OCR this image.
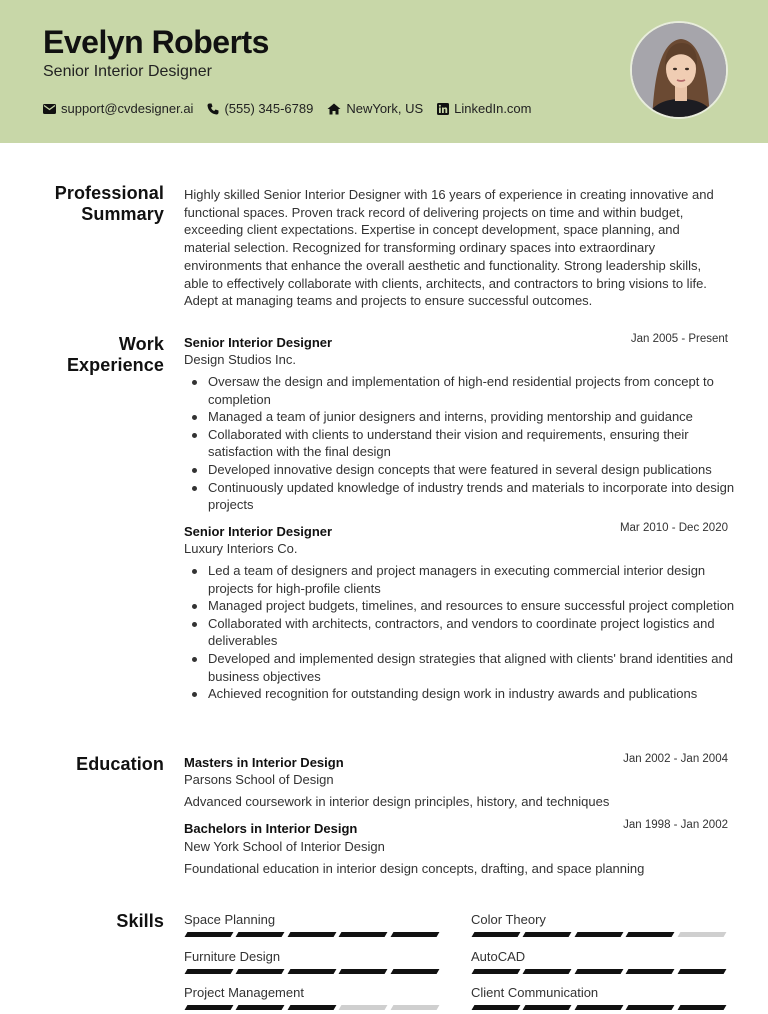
Evelyn Roberts
Senior Interior Designer
support@cvdesigner.ai (555) 345-6789	NewYork, US LinkedIn.com
Professional
Summary
Highly skilled Senior Interior Designer with 16 years of experience in creating innovative and functional spaces. Proven track record of delivering projects on time and within budget, exceeding client expectations. Expertise in concept development, space planning, and material selection. Recognized for transforming ordinary spaces into extraordinary environments that enhance the overall aesthetic and functionality. Strong leadership skills, able to effectively collaborate with clients, architects, and contractors to bring visions to life. Adept at managing teams and projects to ensure successful outcomes.
Work
Experience
Senior Interior Designer	Jan 2005 - Present
Design Studios Inc.
Oversaw the design and implementation of high-end residential projects from concept to completion
Managed a team of junior designers and interns, providing mentorship and guidance
Collaborated with clients to understand their vision and requirements, ensuring their satisfaction with the final design
Developed innovative design concepts that were featured in several design publications
Continuously updated knowledge of industry trends and materials to incorporate into design projects
Senior Interior Designer	Mar 2010 - Dec 2020
Luxury Interiors Co.
Led a team of designers and project managers in executing commercial interior design projects for high-profile clients
Managed project budgets, timelines, and resources to ensure successful project completion
Collaborated with architects, contractors, and vendors to coordinate project logistics and deliverables
Developed and implemented design strategies that aligned with clients' brand identities and business objectives
Achieved recognition for outstanding design work in industry awards and publications
Education Masters in Interior Design	Jan 2002 - Jan 2004
Parsons School of Design
Advanced coursework in interior design principles, history, and techniques
Bachelors in Interior Design	Jan 1998 - Jan 2002
New York School of Interior Design
Foundational education in interior design concepts, drafting, and space planning
Skills Space Planning	Color Theory
Furniture Design	AutoCAD
Project Management	Client Communication
